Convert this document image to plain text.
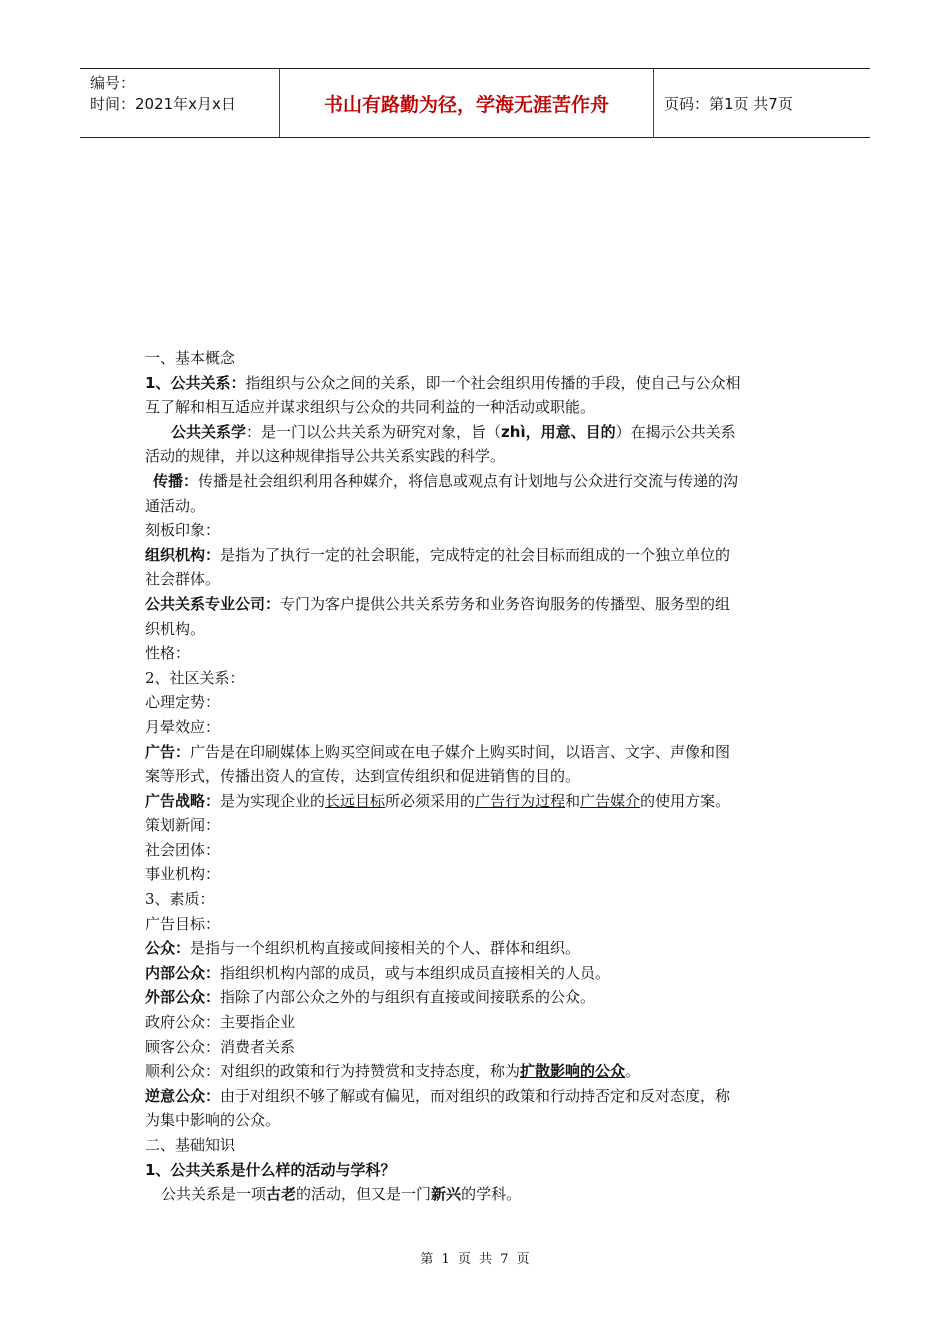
编号：
时间：2021年x月x日	书山有路勤为径，学海无涯苦作舟	页码：第1页 共7页
一、基本概念
1、公共关系：指组织与公众之间的关系，即一个社会组织用传播的手段，使自己与公众相
互了解和相互适应并谋求组织与公众的共同利益的一种活动或职能。
公共关系学：是一门以公共关系为研究对象，旨（zhì，用意、目的）在揭示公共关系
活动的规律，并以这种规律指导公共关系实践的科学。
传播：传播是社会组织利用各种媒介，将信息或观点有计划地与公众进行交流与传递的沟
通活动。
刻板印象：
组织机构：是指为了执行一定的社会职能，完成特定的社会目标而组成的一个独立单位的
社会群体。
公共关系专业公司：专门为客户提供公共关系劳务和业务咨询服务的传播型、服务型的组
织机构。
性格：
2、社区关系：
心理定势：
月晕效应：
广告：广告是在印刷媒体上购买空间或在电子媒介上购买时间，以语言、文字、声像和图
案等形式，传播出资人的宣传，达到宣传组织和促进销售的目的。
广告战略：是为实现企业的长远目标所必须采用的广告行为过程和广告媒介的使用方案。
策划新闻：
社会团体：
事业机构：
3、素质：
广告目标：
公众：是指与一个组织机构直接或间接相关的个人、群体和组织。
内部公众：指组织机构内部的成员，或与本组织成员直接相关的人员。
外部公众：指除了内部公众之外的与组织有直接或间接联系的公众。
政府公众：主要指企业
顾客公众：消费者关系
顺利公众：对组织的政策和行为持赞赏和支持态度，称为扩散影响的公众。
逆意公众：由于对组织不够了解或有偏见，而对组织的政策和行动持否定和反对态度，称
为集中影响的公众。
二、基础知识
1、公共关系是什么样的活动与学科？
公共关系是一项古老的活动，但又是一门新兴的学科。
第 1 页 共 7 页
